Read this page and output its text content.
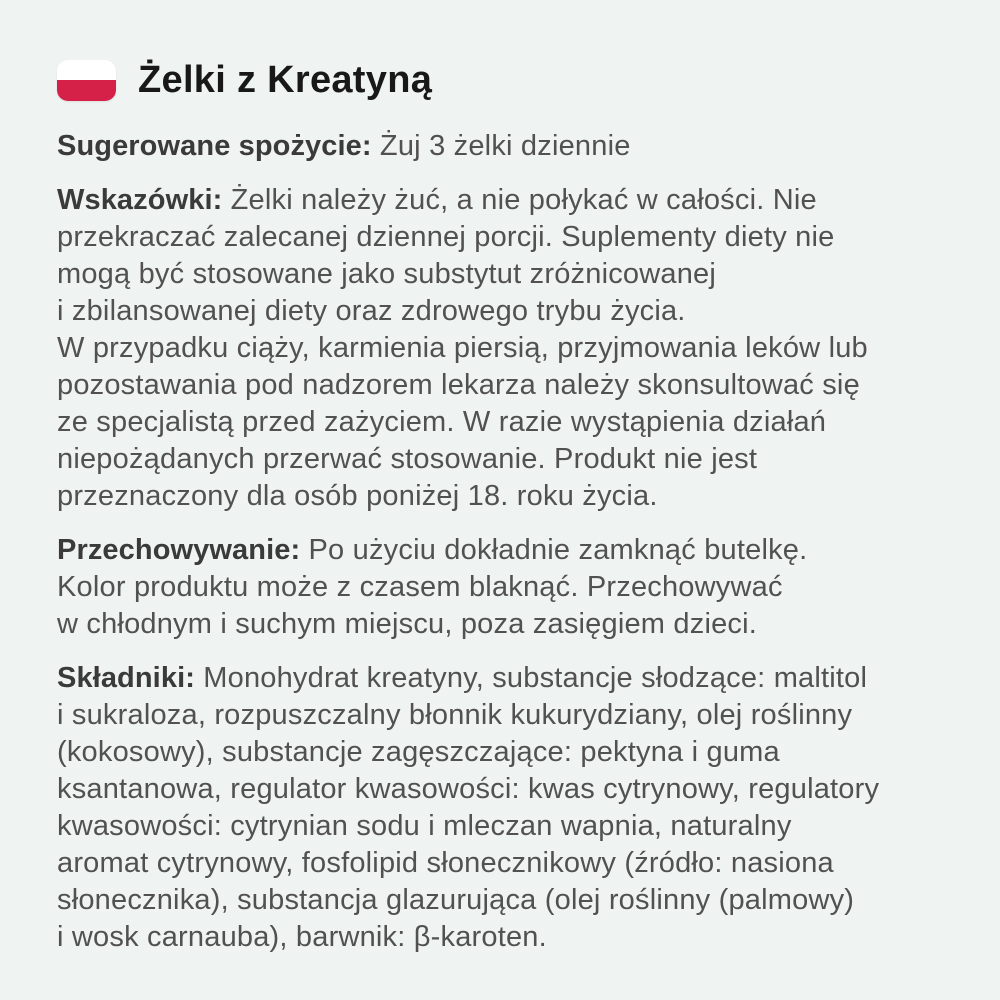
Żelki z Kreatyną
Sugerowane spożycie: Żuj 3 żelki dziennie
Wskazówki: Żelki należy żuć, a nie połykać w całości. Nie
przekraczać zalecanej dziennej porcji. Suplementy diety nie
mogą być stosowane jako substytut zróżnicowanej
i zbilansowanej diety oraz zdrowego trybu życia.
W przypadku ciąży, karmienia piersią, przyjmowania leków lub
pozostawania pod nadzorem lekarza należy skonsultować się
ze specjalistą przed zażyciem. W razie wystąpienia działań
niepożądanych przerwać stosowanie. Produkt nie jest
przeznaczony dla osób poniżej 18. roku życia.
Przechowywanie: Po użyciu dokładnie zamknąć butelkę.
Kolor produktu może z czasem blaknąć. Przechowywać
w chłodnym i suchym miejscu, poza zasięgiem dzieci.
Składniki: Monohydrat kreatyny, substancje słodzące: maltitol
i sukraloza, rozpuszczalny błonnik kukurydziany, olej roślinny
(kokosowy), substancje zagęszczające: pektyna i guma
ksantanowa, regulator kwasowości: kwas cytrynowy, regulatory
kwasowości: cytrynian sodu i mleczan wapnia, naturalny
aromat cytrynowy, fosfolipid słonecznikowy (źródło: nasiona
słonecznika), substancja glazurująca (olej roślinny (palmowy)
i wosk carnauba), barwnik: β-karoten.
